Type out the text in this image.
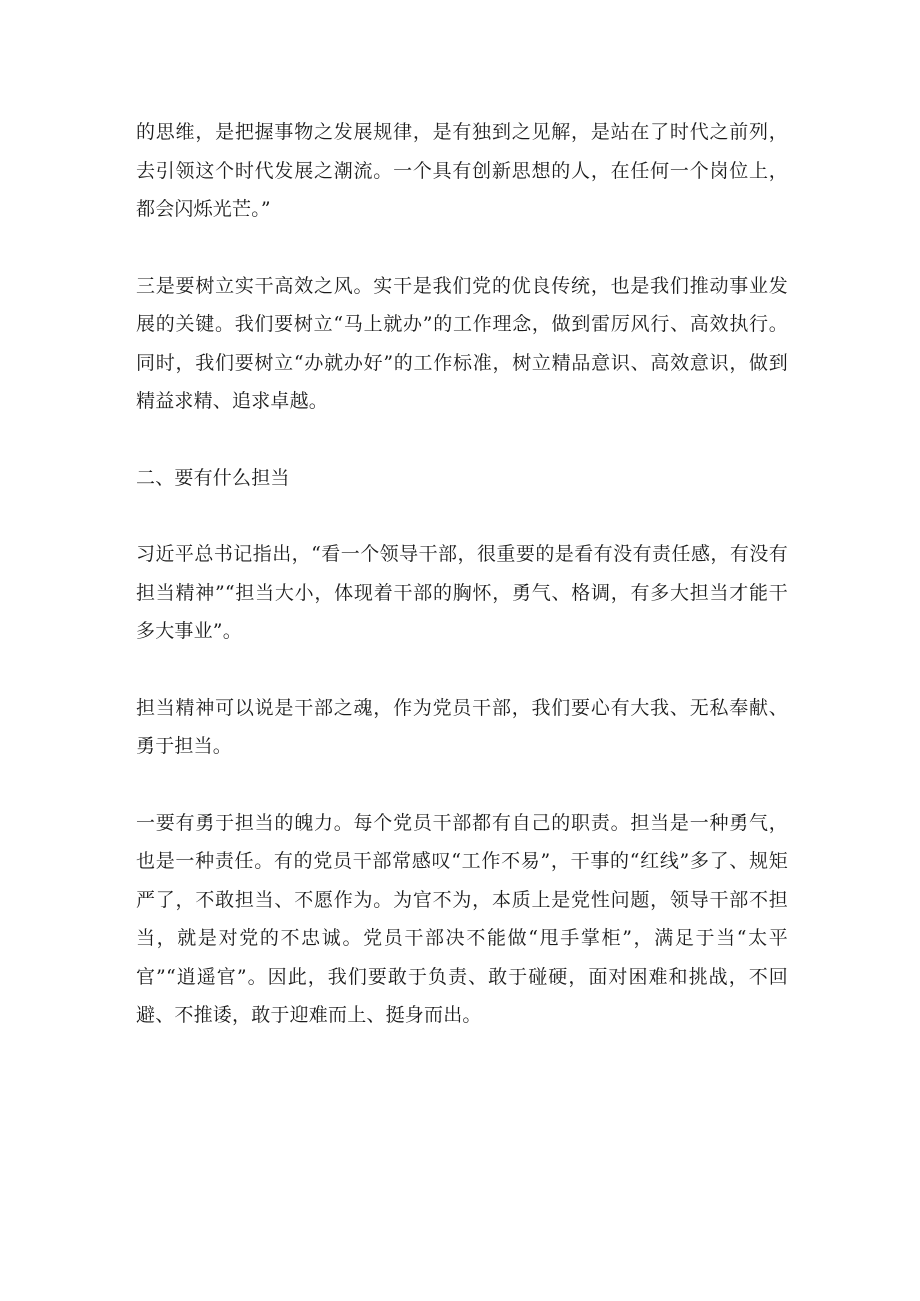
的思维，是把握事物之发展规律，是有独到之见解，是站在了时代之前列，去引领这个时代发展之潮流。一个具有创新思想的人，在任何一个岗位上，都会闪烁光芒。”

三是要树立实干高效之风。实干是我们党的优良传统，也是我们推动事业发展的关键。我们要树立“马上就办”的工作理念，做到雷厉风行、高效执行。同时，我们要树立“办就办好”的工作标准，树立精品意识、高效意识，做到精益求精、追求卓越。

二、要有什么担当

习近平总书记指出，“看一个领导干部，很重要的是看有没有责任感，有没有担当精神”“担当大小，体现着干部的胸怀，勇气、格调，有多大担当才能干多大事业”。

担当精神可以说是干部之魂，作为党员干部，我们要心有大我、无私奉献、勇于担当。

一要有勇于担当的魄力。每个党员干部都有自己的职责。担当是一种勇气，也是一种责任。有的党员干部常感叹“工作不易”，干事的“红线”多了、规矩严了，不敢担当、不愿作为。为官不为，本质上是党性问题，领导干部不担当，就是对党的不忠诚。党员干部决不能做“甩手掌柜”，满足于当“太平官”“逍遥官”。因此，我们要敢于负责、敢于碰硬，面对困难和挑战，不回避、不推诿，敢于迎难而上、挺身而出。
